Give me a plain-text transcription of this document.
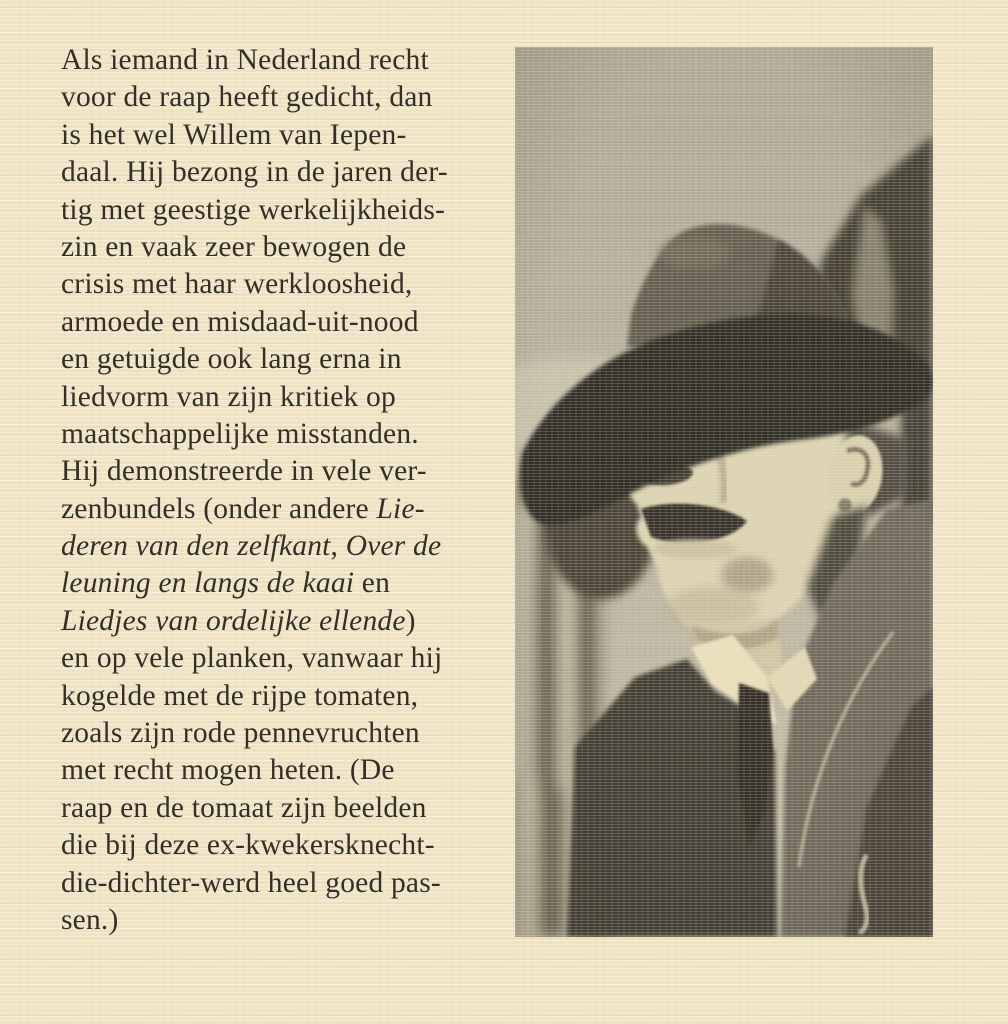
Als iemand in Nederland recht
voor de raap heeft gedicht, dan
is het wel Willem van Iepen-
daal. Hij bezong in de jaren der-
tig met geestige werkelijkheids-
zin en vaak zeer bewogen de
crisis met haar werkloosheid,
armoede en misdaad-uit-nood
en getuigde ook lang erna in
liedvorm van zijn kritiek op
maatschappelijke misstanden.
Hij demonstreerde in vele ver-
zenbundels (onder andere Lie-
deren van den zelfkant, Over de
leuning en langs de kaai en
Liedjes van ordelijke ellende)
en op vele planken, vanwaar hij
kogelde met de rijpe tomaten,
zoals zijn rode pennevruchten
met recht mogen heten. (De
raap en de tomaat zijn beelden
die bij deze ex-kwekersknecht-
die-dichter-werd heel goed pas-
sen.)
